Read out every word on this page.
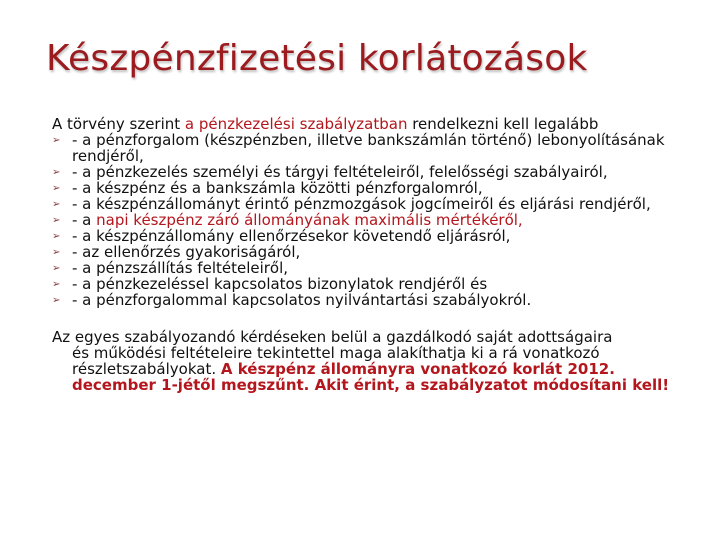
Készpénzfizetési korlátozások

A törvény szerint a pénzkezelési szabályzatban rendelkezni kell legalább

➢ - a pénzforgalom (készpénzben, illetve bankszámlán történő) lebonyolításának rendjéről,
➢ - a pénzkezelés személyi és tárgyi feltételeiről, felelősségi szabályairól,
➢ - a készpénz és a bankszámla közötti pénzforgalomról,
➢ - a készpénzállományt érintő pénzmozgások jogcímeiről és eljárási rendjéről,
➢ - a napi készpénz záró állományának maximális mértékéről,
➢ - a készpénzállomány ellenőrzésekor követendő eljárásról,
➢ - az ellenőrzés gyakoriságáról,
➢ - a pénzszállítás feltételeiről,
➢ - a pénzkezeléssel kapcsolatos bizonylatok rendjéről és
➢ - a pénzforgalommal kapcsolatos nyilvántartási szabályokról.
Az egyes szabályozandó kérdéseken belül a gazdálkodó saját adottságaira
és működési feltételeire tekintettel maga alakíthatja ki a rá vonatkozó részletszabályokat. A készpénz állományra vonatkozó korlát 2012. december 1-jétől megszűnt. Akit érint, a szabályzatot módosítani kell!
